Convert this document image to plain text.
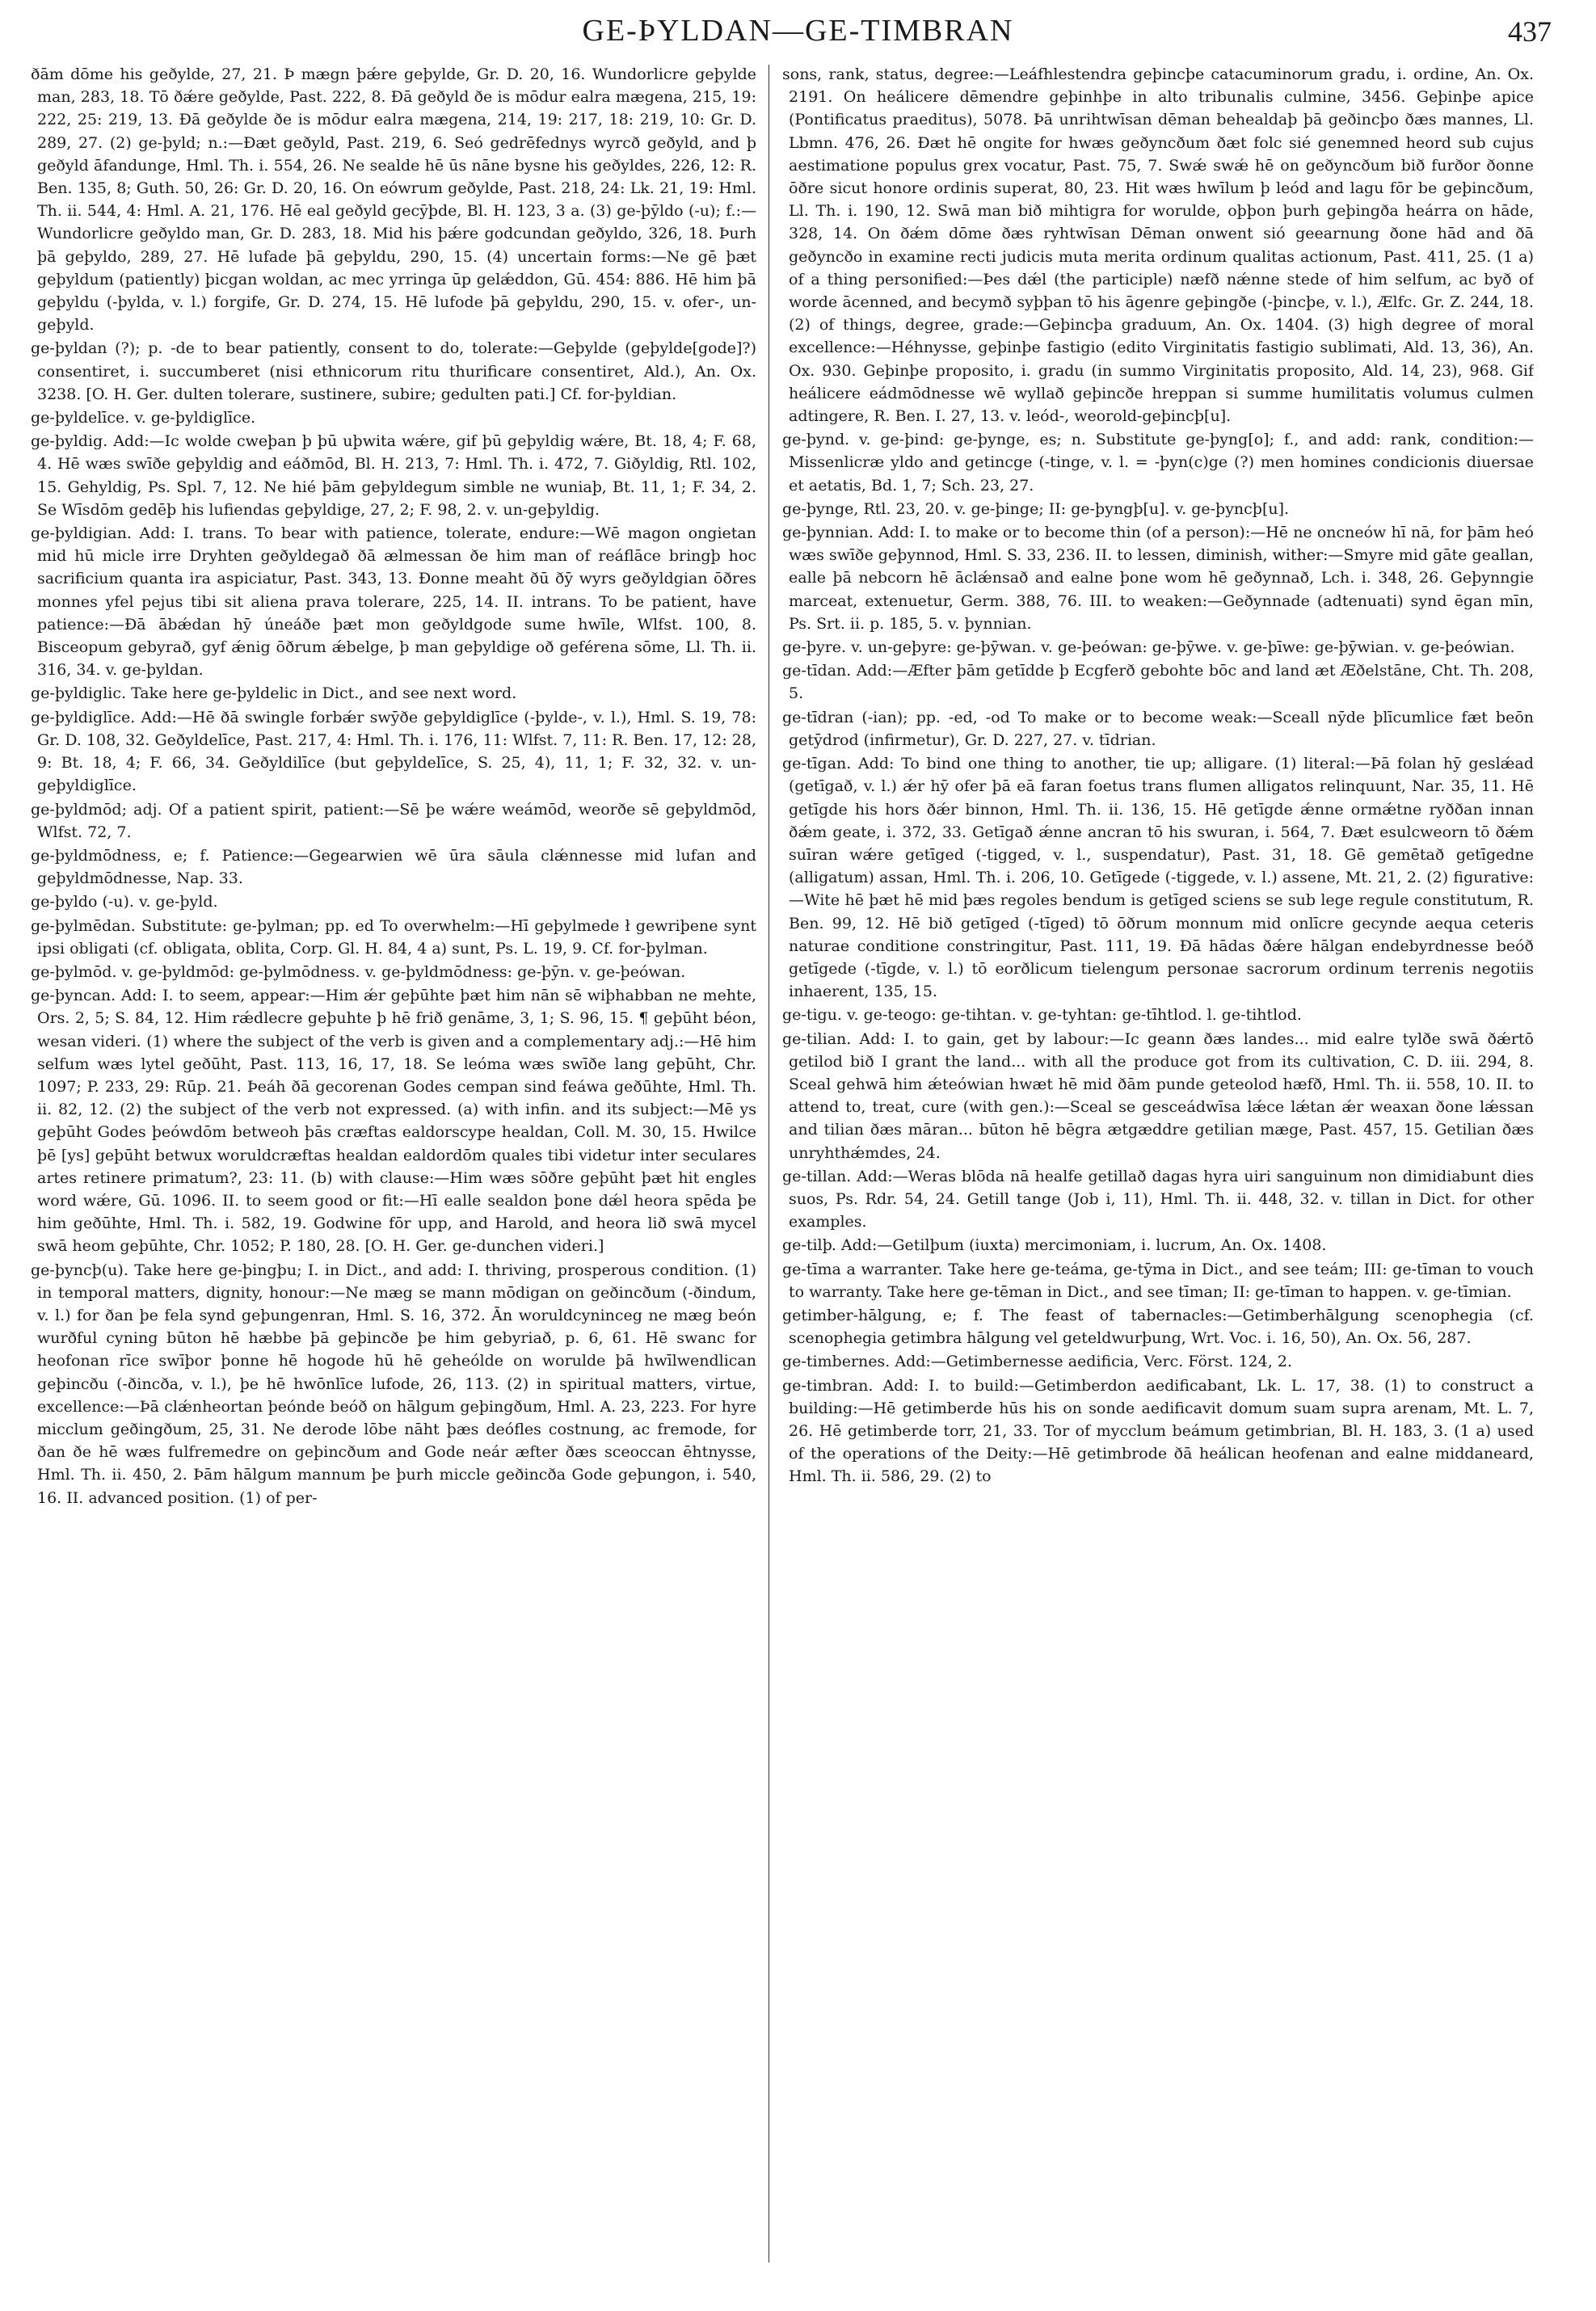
GE-ÞYLDAN—GE-TIMBRAN	437

ðām dōme his geðylde, 27, 21. Þ mægn þǽre geþylde, Gr. D. 20, 16. Wundorlicre geþylde man, 283, 18. Tō ðǽre geðylde, Past. 222, 8. Ðā geðyld ðe is mōdur ealra mægena, 215, 19: 222, 25: 219, 13. Ðā geðylde ðe is mōdur ealra mægena, 214, 19: 217, 18: 219, 10: Gr. D. 289, 27. (2) ge-þyld; n.:—Ðæt geðyld, Past. 219, 6. Seó gedrēfednys wyrcð geðyld, and þ geðyld āfandunge, Hml. Th. i. 554, 26. Ne sealde hē ūs nāne bysne his geðyldes, 226, 12: R. Ben. 135, 8; Guth. 50, 26: Gr. D. 20, 16. On eówrum geðylde, Past. 218, 24: Lk. 21, 19: Hml. Th. ii. 544, 4: Hml. A. 21, 176. Hē eal geðyld gecȳþde, Bl. H. 123, 3 a. (3) ge-þȳldo (-u); f.:—Wundorlicre geðyldo man, Gr. D. 283, 18. Mid his þǽre godcundan geðyldo, 326, 18. Þurh þā geþyldo, 289, 27. Hē lufade þā geþyldu, 290, 15. (4) uncertain forms:—Ne gē þæt geþyldum (patiently) þicgan woldan, ac mec yrringa ūp gelǽddon, Gū. 454: 886. Hē him þā geþyldu (-þylda, v. l.) forgife, Gr. D. 274, 15. Hē lufode þā geþyldu, 290, 15. v. ofer-, un-geþyld.

ge-þyldan (?); p. -de to bear patiently, consent to do, tolerate:—Geþylde (geþylde[gode]?) consentiret, i. succumberet (nisi ethnicorum ritu thurificare consentiret, Ald.), An. Ox. 3238. [O. H. Ger. dulten tolerare, sustinere, subire; gedulten pati.] Cf. for-þyldian.

ge-þyldelīce. v. ge-þyldiglīce.

ge-þyldig. Add:—Ic wolde cweþan þ þū uþwita wǽre, gif þū geþyldig wǽre, Bt. 18, 4; F. 68, 4. Hē wæs swīðe geþyldig and eáðmōd, Bl. H. 213, 7: Hml. Th. i. 472, 7. Giðyldig, Rtl. 102, 15. Gehyldig, Ps. Spl. 7, 12. Ne hié þām geþyldegum simble ne wuniaþ, Bt. 11, 1; F. 34, 2. Se Wīsdōm gedēþ his lufiendas geþyldige, 27, 2; F. 98, 2. v. un-geþyldig.

ge-þyldigian. Add: I. trans. To bear with patience, tolerate, endure:—Wē magon ongietan mid hū micle irre Dryhten geðyldegað ðā ælmessan ðe him man of reáflāce bringþ hoc sacrificium quanta ira aspiciatur, Past. 343, 13. Ðonne meaht ðū ðȳ wyrs geðyldgian ōðres monnes yfel pejus tibi sit aliena prava tolerare, 225, 14. II. intrans. To be patient, have patience:—Ðā ābǽdan hȳ úneáðe þæt mon geðyldgode sume hwīle, Wlfst. 100, 8. Bisceopum gebyrað, gyf ǽnig ōðrum ǽbelge, þ man geþyldige oð geférena sōme, Ll. Th. ii. 316, 34. v. ge-þyldan.

ge-þyldiglic. Take here ge-þyldelic in Dict., and see next word.

ge-þyldiglīce. Add:—Hē ðā swingle forbǽr swȳðe geþyldiglīce (-þylde-, v. l.), Hml. S. 19, 78: Gr. D. 108, 32. Geðyldelīce, Past. 217, 4: Hml. Th. i. 176, 11: Wlfst. 7, 11: R. Ben. 17, 12: 28, 9: Bt. 18, 4; F. 66, 34. Geðyldilīce (but geþyldelīce, S. 25, 4), 11, 1; F. 32, 32. v. un-geþyldiglīce.

ge-þyldmōd; adj. Of a patient spirit, patient:—Sē þe wǽre weámōd, weorðe sē geþyldmōd, Wlfst. 72, 7.

ge-þyldmōdness, e; f. Patience:—Gegearwien wē ūra sāula clǽnnesse mid lufan and geþyldmōdnesse, Nap. 33.

ge-þyldo (-u). v. ge-þyld.

ge-þylmēdan. Substitute: ge-þylman; pp. ed To overwhelm:—Hī geþylmede ł gewriþene synt ipsi obligati (cf. obligata, oblita, Corp. Gl. H. 84, 4 a) sunt, Ps. L. 19, 9. Cf. for-þylman.

ge-þylmōd. v. ge-þyldmōd: ge-þylmōdness. v. ge-þyldmōdness: ge-þȳn. v. ge-þeówan.

ge-þyncan. Add: I. to seem, appear:—Him ǽr geþūhte þæt him nān sē wiþhabban ne mehte, Ors. 2, 5; S. 84, 12. Him rǽdlecre geþuhte þ hē frið genāme, 3, 1; S. 96, 15. ¶ geþūht béon, wesan videri. (1) where the subject of the verb is given and a complementary adj.:—Hē him selfum wæs lytel geðūht, Past. 113, 16, 17, 18. Se leóma wæs swīðe lang geþūht, Chr. 1097; P. 233, 29: Rūp. 21. Þeáh ðā gecorenan Godes cempan sind feáwa geðūhte, Hml. Th. ii. 82, 12. (2) the subject of the verb not expressed. (a) with infin. and its subject:—Mē ys geþūht Godes þeówdōm betweoh þās cræftas ealdorscype healdan, Coll. M. 30, 15. Hwilce þē [ys] geþūht betwux woruldcræftas healdan ealdordōm quales tibi videtur inter seculares artes retinere primatum?, 23: 11. (b) with clause:—Him wæs sōðre geþūht þæt hit engles word wǽre, Gū. 1096. II. to seem good or fit:—Hī ealle sealdon þone dǽl heora spēda þe him geðūhte, Hml. Th. i. 582, 19. Godwine fōr upp, and Harold, and heora lið swā mycel swā heom geþūhte, Chr. 1052; P. 180, 28. [O. H. Ger. ge-dunchen videri.]

ge-þyncþ(u). Take here ge-þingþu; I. in Dict., and add: I. thriving, prosperous condition. (1) in temporal matters, dignity, honour:—Ne mæg se mann mōdigan on geðincðum (-ðindum, v. l.) for ðan þe fela synd geþungenran, Hml. S. 16, 372. Ān woruldcyninceg ne mæg beón wurðful cyning būton hē hæbbe þā geþincðe þe him gebyriað, p. 6, 61. Hē swanc for heofonan rīce swīþor þonne hē hogode hū hē geheólde on worulde þā hwīlwendlican geþincðu (-ðincða, v. l.), þe hē hwōnlīce lufode, 26, 113. (2) in spiritual matters, virtue, excellence:—Þā clǽnheortan þeónde beóð on hālgum geþingðum, Hml. A. 23, 223. For hyre micclum geðingðum, 25, 31. Ne derode lōbe nāht þæs deófles costnung, ac fremode, for ðan ðe hē wæs fulfremedre on geþincðum and Gode neár æfter ðæs sceoccan ēhtnysse, Hml. Th. ii. 450, 2. Þām hālgum mannum þe þurh miccle geðincða Gode geþungon, i. 540, 16. II. advanced position. (1) of per-

sons, rank, status, degree:—Leáfhlestendra geþincþe catacuminorum gradu, i. ordine, An. Ox. 2191. On heálicere dēmendre geþinhþe in alto tribunalis culmine, 3456. Geþinþe apice (Pontificatus praeditus), 5078. Þā unrihtwīsan dēman behealdaþ þā geðincþo ðæs mannes, Ll. Lbmn. 476, 26. Ðæt hē ongite for hwæs geðyncðum ðæt folc sié genemned heord sub cujus aestimatione populus grex vocatur, Past. 75, 7. Swǽ swǽ hē on geðyncðum bið furðor ðonne ōðre sicut honore ordinis superat, 80, 23. Hit wæs hwīlum þ leód and lagu fōr be geþincðum, Ll. Th. i. 190, 12. Swā man bið mihtigra for worulde, oþþon þurh geþingða heárra on hāde, 328, 14. On ðǽm dōme ðæs ryhtwīsan Dēman onwent sió geearnung ðone hād and ðā geðyncðo in examine recti judicis muta merita ordinum qualitas actionum, Past. 411, 25. (1 a) of a thing personified:—Þes dǽl (the participle) næfð nǽnne stede of him selfum, ac byð of worde ācenned, and becymð syþþan tō his āgenre geþingðe (-þincþe, v. l.), Ælfc. Gr. Z. 244, 18. (2) of things, degree, grade:—Geþincþa graduum, An. Ox. 1404. (3) high degree of moral excellence:—Héhnysse, geþinþe fastigio (edito Virginitatis fastigio sublimati, Ald. 13, 36), An. Ox. 930. Geþinþe proposito, i. gradu (in summo Virginitatis proposito, Ald. 14, 23), 968. Gif heálicere eádmōdnesse wē wyllað geþincðe hreppan si summe humilitatis volumus culmen adtingere, R. Ben. I. 27, 13. v. leód-, weorold-geþincþ[u].

ge-þynd. v. ge-þind: ge-þynge, es; n. Substitute ge-þyng[o]; f., and add: rank, condition:—Missenlicræ yldo and getincge (-tinge, v. l. = -þyn(c)ge (?) men homines condicionis diuersae et aetatis, Bd. 1, 7; Sch. 23, 27.

ge-þynge, Rtl. 23, 20. v. ge-þinge; II: ge-þyngþ[u]. v. ge-þyncþ[u].

ge-þynnian. Add: I. to make or to become thin (of a person):—Hē ne oncneów hī nā, for þām heó wæs swīðe geþynnod, Hml. S. 33, 236. II. to lessen, diminish, wither:—Smyre mid gāte geallan, ealle þā nebcorn hē āclǽnsað and ealne þone wom hē geðynnað, Lch. i. 348, 26. Geþynngie marceat, extenuetur, Germ. 388, 76. III. to weaken:—Geðynnade (adtenuati) synd ēgan mīn, Ps. Srt. ii. p. 185, 5. v. þynnian.

ge-þyre. v. un-geþyre: ge-þȳwan. v. ge-þeówan: ge-þȳwe. v. ge-þīwe: ge-þȳwian. v. ge-þeówian.

ge-tīdan. Add:—Æfter þām getīdde þ Ecgferð gebohte bōc and land æt Æðelstāne, Cht. Th. 208, 5.

ge-tīdran (-ian); pp. -ed, -od To make or to become weak:—Sceall nȳde þlīcumlice fæt beōn getȳdrod (infirmetur), Gr. D. 227, 27. v. tīdrian.

ge-tīgan. Add: To bind one thing to another, tie up; alligare. (1) literal:—Þā folan hȳ geslǽad (getīgað, v. l.) ǽr hȳ ofer þā eā faran foetus trans flumen alligatos relinquunt, Nar. 35, 11. Hē getīgde his hors ðǽr binnon, Hml. Th. ii. 136, 15. Hē getīgde ǽnne ormǽtne ryððan innan ðǽm geate, i. 372, 33. Getīgað ǽnne ancran tō his swuran, i. 564, 7. Ðæt esulcweorn tō ðǽm suīran wǽre getīged (-tigged, v. l., suspendatur), Past. 31, 18. Gē gemētað getīgedne (alligatum) assan, Hml. Th. i. 206, 10. Getīgede (-tiggede, v. l.) assene, Mt. 21, 2. (2) figurative:—Wite hē þæt hē mid þæs regoles bendum is getīged sciens se sub lege regule constitutum, R. Ben. 99, 12. Hē bið getīged (-tīged) tō ōðrum monnum mid onlīcre gecynde aequa ceteris naturae conditione constringitur, Past. 111, 19. Ðā hādas ðǽre hālgan endebyrdnesse beóð getīgede (-tīgde, v. l.) tō eorðlicum tielengum personae sacrorum ordinum terrenis negotiis inhaerent, 135, 15.

ge-tigu. v. ge-teogo: ge-tihtan. v. ge-tyhtan: ge-tīhtlod. l. ge-tihtlod.

ge-tilian. Add: I. to gain, get by labour:—Ic geann ðæs landes... mid ealre tylðe swā ðǽrtō getilod bið I grant the land... with all the produce got from its cultivation, C. D. iii. 294, 8. Sceal gehwā him ǽteówian hwæt hē mid ðām punde geteolod hæfð, Hml. Th. ii. 558, 10. II. to attend to, treat, cure (with gen.):—Sceal se gesceádwīsa lǽce lǽtan ǽr weaxan ðone lǽssan and tilian ðæs māran... būton hē bēgra ætgæddre getilian mæge, Past. 457, 15. Getilian ðæs unryhthǽmdes, 24.

ge-tillan. Add:—Weras blōda nā healfe getillað dagas hyra uiri sanguinum non dimidiabunt dies suos, Ps. Rdr. 54, 24. Getill tange (Job i, 11), Hml. Th. ii. 448, 32. v. tillan in Dict. for other examples.

ge-tilþ. Add:—Getilþum (iuxta) mercimoniam, i. lucrum, An. Ox. 1408.

ge-tīma a warranter. Take here ge-teáma, ge-tȳma in Dict., and see teám; III: ge-tīman to vouch to warranty. Take here ge-tēman in Dict., and see tīman; II: ge-tīman to happen. v. ge-tīmian.

getimber-hālgung, e; f. The feast of tabernacles:—Getimberhālgung scenophegia (cf. scenophegia getimbra hālgung vel geteldwurþung, Wrt. Voc. i. 16, 50), An. Ox. 56, 287.

ge-timbernes. Add:—Getimbernesse aedificia, Verc. Först. 124, 2.

ge-timbran. Add: I. to build:—Getimberdon aedificabant, Lk. L. 17, 38. (1) to construct a building:—Hē getimberde hūs his on sonde aedificavit domum suam supra arenam, Mt. L. 7, 26. Hē getimberde torr, 21, 33. Tor of mycclum beámum getimbrian, Bl. H. 183, 3. (1 a) used of the operations of the Deity:—Hē getimbrode ðā heálican heofenan and ealne middaneard, Hml. Th. ii. 586, 29. (2) to
